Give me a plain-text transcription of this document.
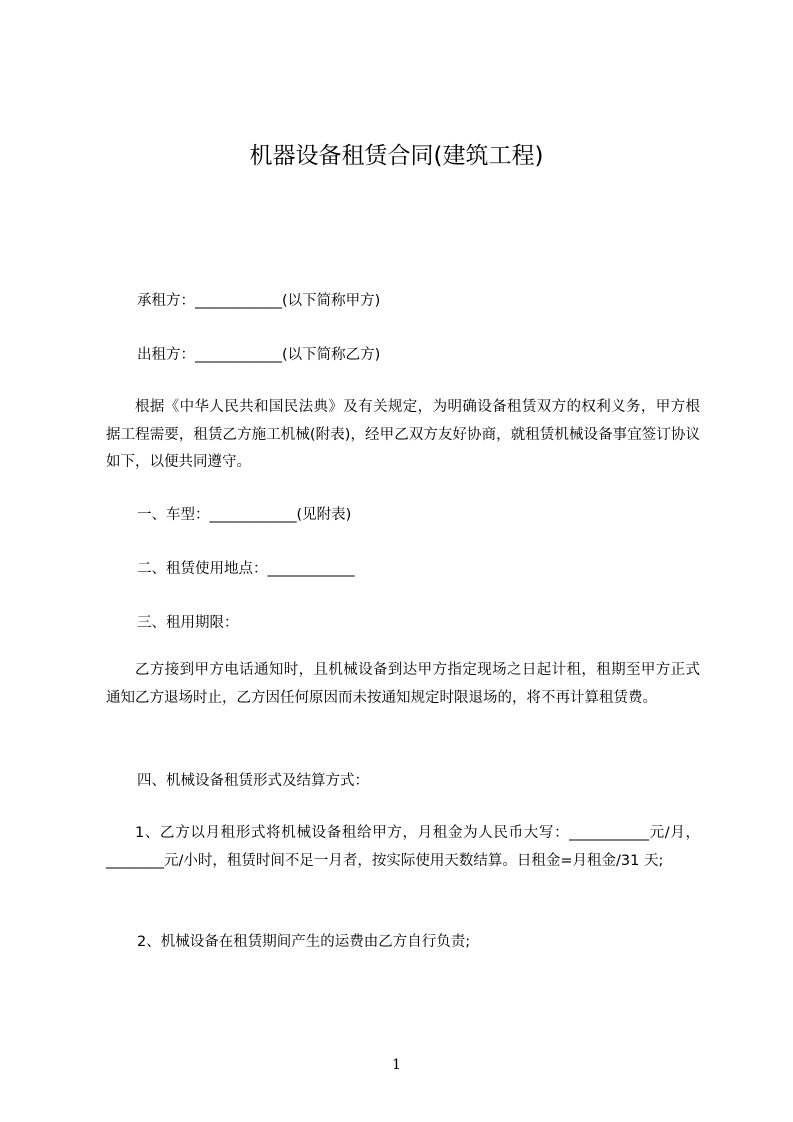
机器设备租赁合同(建筑工程)
承租方：____________(以下简称甲方)
出租方：____________(以下简称乙方)
根据《中华人民共和国民法典》及有关规定，为明确设备租赁双方的权利义务，甲方根据工程需要，租赁乙方施工机械(附表)，经甲乙双方友好协商，就租赁机械设备事宜签订协议如下，以便共同遵守。
一、车型：____________(见附表)
二、租赁使用地点：____________
三、租用期限：
乙方接到甲方电话通知时，且机械设备到达甲方指定现场之日起计租，租期至甲方正式通知乙方退场时止，乙方因任何原因而未按通知规定时限退场的，将不再计算租赁费。
四、机械设备租赁形式及结算方式：
1、乙方以月租形式将机械设备租给甲方，月租金为人民币大写：___________元/月，________元/小时，租赁时间不足一月者，按实际使用天数结算。日租金=月租金/31 天;
2、机械设备在租赁期间产生的运费由乙方自行负责;
1
